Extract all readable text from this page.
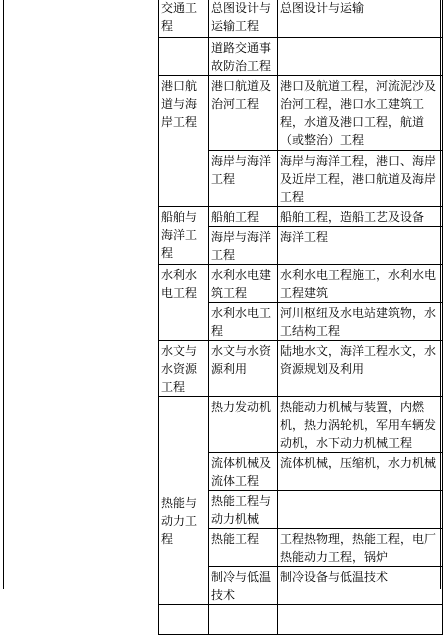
交通工程	总图设计与运输工程	总图设计与运输
	道路交通事故防治工程	
港口航道与海岸工程	港口航道及治河工程	港口及航道工程，河流泥沙及治河工程，港口水工建筑工程，水道及港口工程，航道（或整治）工程
	海岸与海洋工程	海岸与海洋工程，港口、海岸及近岸工程，港口航道及海岸工程
船舶与海洋工程	船舶工程	船舶工程，造船工艺及设备
	海岸与海洋工程	海洋工程
水利水电工程	水利水电建筑工程	水利水电工程施工，水利水电工程建筑
	水利水电工程	河川枢纽及水电站建筑物，水工结构工程
水文与水资源工程	水文与水资源利用	陆地水文，海洋工程水文，水资源规划及利用
热能与动力工程	热力发动机	热能动力机械与装置，内燃机，热力涡轮机，军用车辆发动机，水下动力机械工程
	流体机械及流体工程	流体机械，压缩机，水力机械
	热能工程与动力机械	
	热能工程	工程热物理，热能工程，电厂热能动力工程，锅炉
	制冷与低温技术	制冷设备与低温技术
